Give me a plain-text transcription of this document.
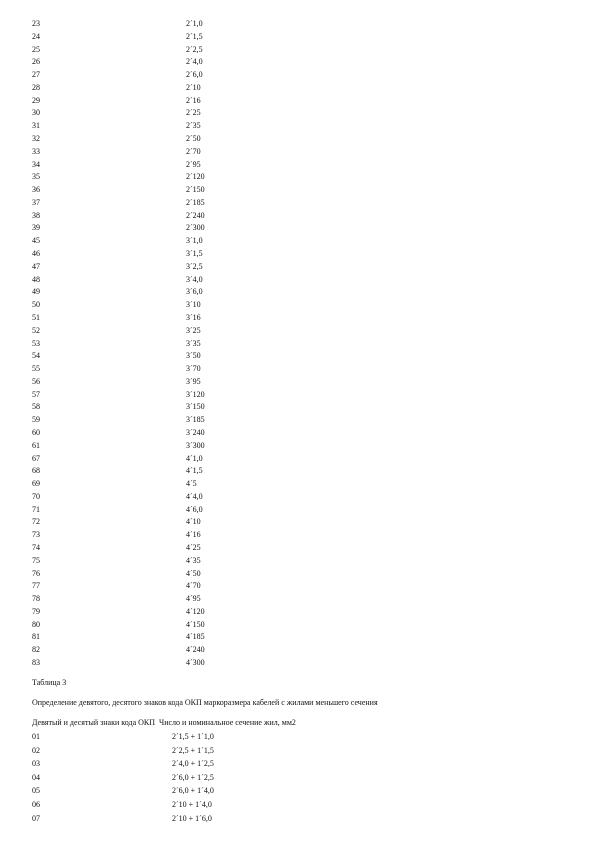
23	2´1,0
24	2´1,5
25	2´2,5
26	2´4,0
27	2´6,0
28	2´10
29	2´16
30	2´25
31	2´35
32	2´50
33	2´70
34	2´95
35	2´120
36	2´150
37	2´185
38	2´240
39	2´300
45	3´1,0
46	3´1,5
47	3´2,5
48	3´4,0
49	3´6,0
50	3´10
51	3´16
52	3´25
53	3´35
54	3´50
55	3´70
56	3´95
57	3´120
58	3´150
59	3´185
60	3´240
61	3´300
67	4´1,0
68	4´1,5
69	4´5
70	4´4,0
71	4´6,0
72	4´10
73	4´16
74	4´25
75	4´35
76	4´50
77	4´70
78	4´95
79	4´120
80	4´150
81	4´185
82	4´240
83	4´300
Таблица 3
Определение девятого, десятого знаков кода ОКП маркоразмера кабелей с жилами меньшего сечения
Девятый и десятый знаки кода ОКП Число и номинальное сечение жил, мм2
01	2´1,5 + 1´1,0
02	2´2,5 + 1´1,5
03	2´4,0 + 1´2,5
04	2´6,0 + 1´2,5
05	2´6,0 + 1´4,0
06	2´10 + 1´4,0
07	2´10 + 1´6,0
